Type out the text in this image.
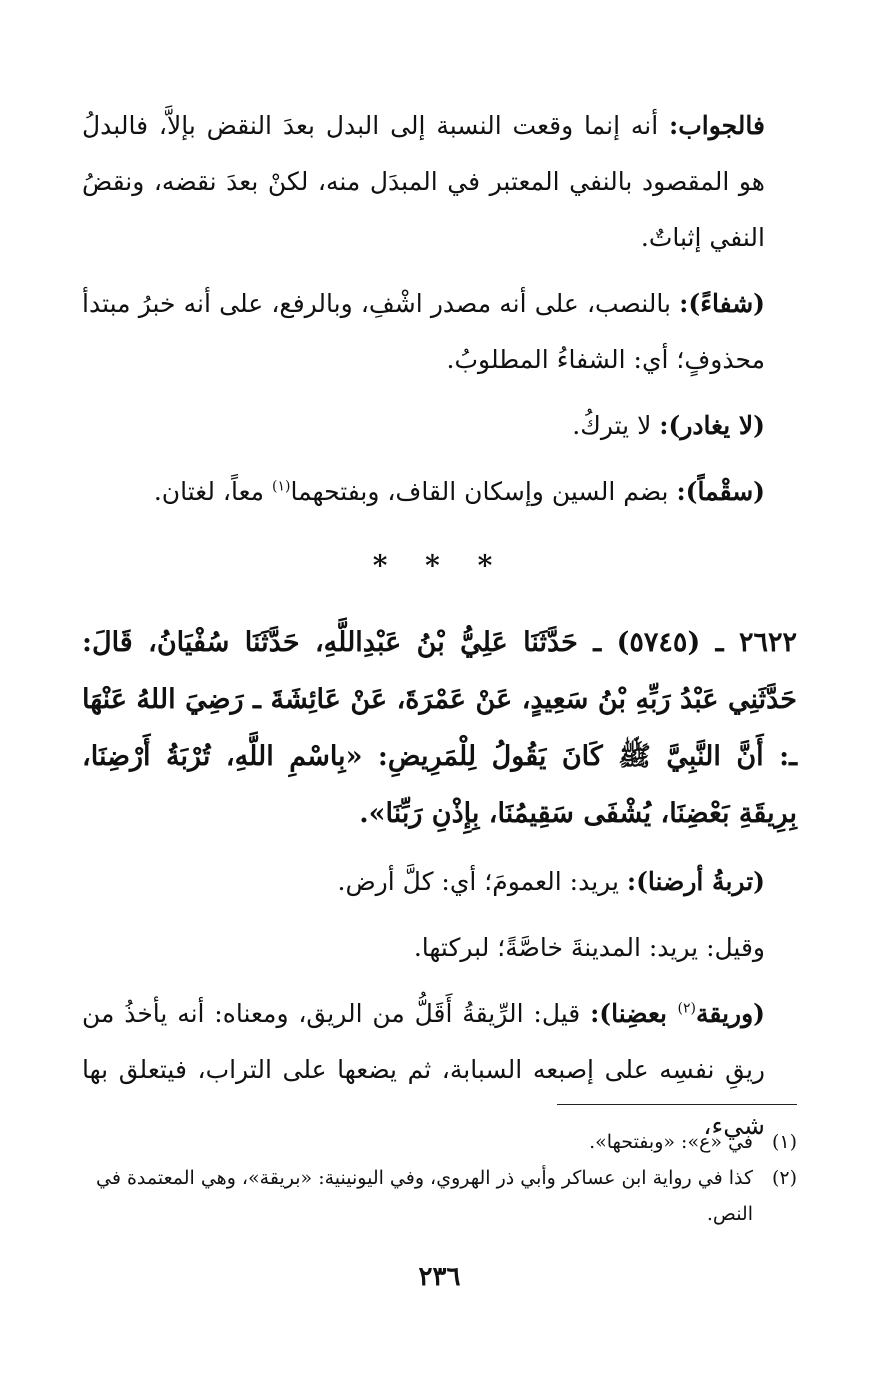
فالجواب: أنه إنما وقعت النسبة إلى البدل بعدَ النقض بإلاَّ، فالبدلُ هو المقصود بالنفي المعتبر في المبدَل منه، لكنْ بعدَ نقضه، ونقضُ النفي إثباتٌ.

(شفاءً): بالنصب، على أنه مصدر اشْفِ، وبالرفع، على أنه خبرُ مبتدأ محذوفٍ؛ أي: الشفاءُ المطلوبُ.

(لا يغادر): لا يتركُ.

(سقْماً): بضم السين وإسكان القاف، وبفتحهما$^{(١)}$ معاً، لغتان.

* * *

٢٦٢٢ ـ (٥٧٤٥) ـ حَدَّثَنَا عَلِيُّ بْنُ عَبْدِاللَّهِ، حَدَّثَنَا سُفْيَانُ، قَالَ: حَدَّثَنِي عَبْدُ رَبِّهِ بْنُ سَعِيدٍ، عَنْ عَمْرَةَ، عَنْ عَائِشَةَ ـ رَضِيَ اللهُ عَنْهَا ـ: أَنَّ النَّبِيَّ ﷺ كَانَ يَقُولُ لِلْمَرِيضِ: «بِاسْمِ اللَّهِ، تُرْبَةُ أَرْضِنَا، بِرِيقَةِ بَعْضِنَا، يُشْفَى سَقِيمُنَا، بِإِذْنِ رَبِّنَا».

(تربةُ أرضنا): يريد: العمومَ؛ أي: كلَّ أرض.

وقيل: يريد: المدينةَ خاصَّةً؛ لبركتها.

(وريقة$^{(٢)}$ بعضِنا): قيل: الرِّيقةُ أَقَلُّ من الريق، ومعناه: أنه يأخذُ من ريقِ نفسِه على إصبعه السبابة، ثم يضعها على التراب، فيتعلق بها شيء،

(١)
في «ع»: «وبفتحها».
(٢)
كذا في رواية ابن عساكر وأبي ذر الهروي، وفي اليونينية: «بريقة»، وهي المعتمدة في النص.
٢٣٦
